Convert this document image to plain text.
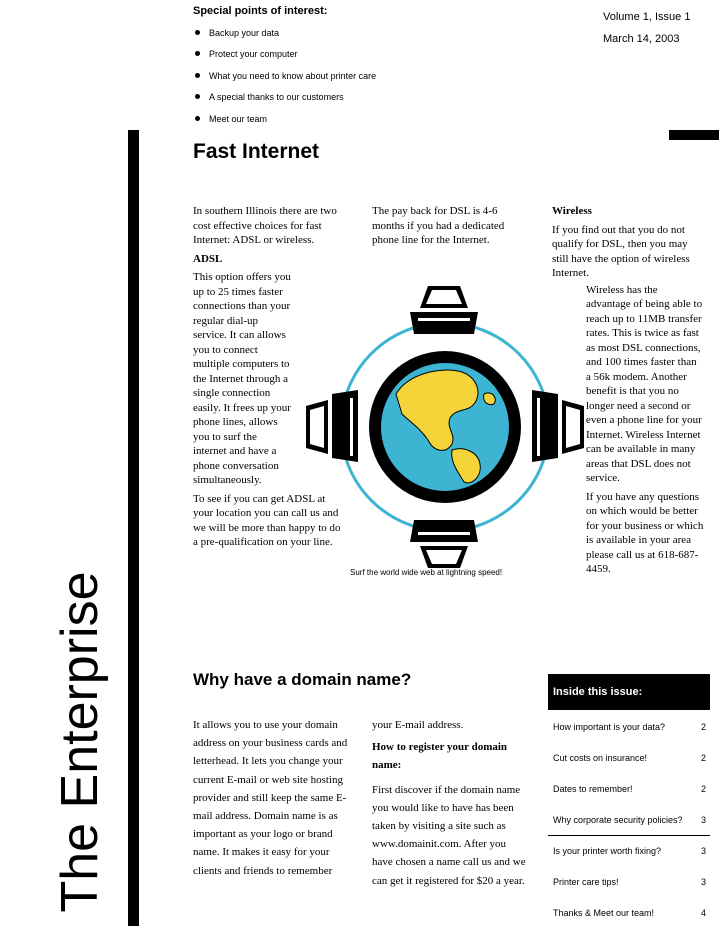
Special points of interest:
Backup your data
Protect your computer
What you need to know about printer care
A special thanks to our customers
Meet our team
Volume 1, Issue 1
March 14, 2003
The Enterprise
Fast Internet

In southern Illinois there are two cost effective choices for fast Internet: ADSL or wireless.

ADSL

This option offers you up to 25 times faster connections than your regular dial-up service. It can allows you to connect multiple computers to the Internet through a single connection easily. It frees up your phone lines, allows you to surf the internet and have a phone conversation simultaneously.

To see if you can get ADSL at your location you can call us and we will be more than happy to do a pre-qualification on your line.

The pay back for DSL is 4-6 months if you had a dedicated phone line for the Internet.

Wireless

If you find out that you do not qualify for DSL, then you may still have the option of wireless Internet.

Wireless has the advantage of being able to reach up to 11MB transfer rates. This is twice as fast as most DSL connections, and 100 times faster than a 56k modem. Another benefit is that you no longer need a second or even a phone line for your Internet. Wireless Internet can be available in many areas that DSL does not service.

If you have any questions on which would be better for your business or which is available in your area please call us at 618-687-4459.

Surf the world wide web at lightning speed!
Why have a domain name?
It allows you to use your domain address on your business cards and letterhead. It lets you change your current E-mail or web site hosting provider and still keep the same E-mail address. Domain name is as important as your logo or brand name. It makes it easy for your clients and friends to remember

your E-mail address.

How to register your domain name:

First discover if the domain name you would like to have has been taken by visiting a site such as www.domainit.com. After you have chosen a name call us and we can get it registered for $20 a year.

Inside this issue:
How important is your data?	2
Cut costs on insurance!	2
Dates to remember!	2
Why corporate security policies? 3
Is your printer worth fixing?	3
Printer care tips!	3
Thanks & Meet our team!	4
